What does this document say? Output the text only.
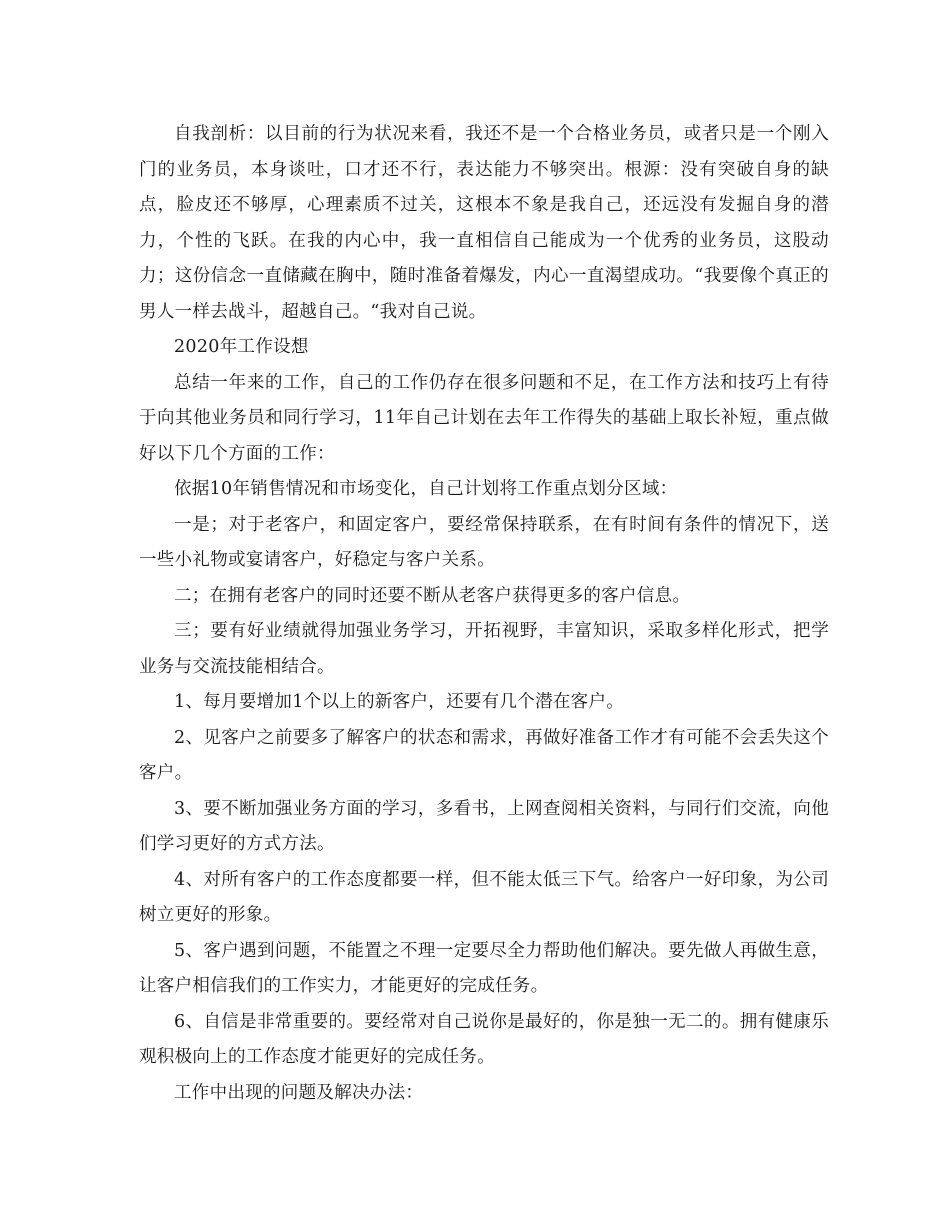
自我剖析：以目前的行为状况来看，我还不是一个合格业务员，或者只是一个刚入门的业务员，本身谈吐，口才还不行，表达能力不够突出。根源：没有突破自身的缺点，脸皮还不够厚，心理素质不过关，这根本不象是我自己，还远没有发掘自身的潜力，个性的飞跃。在我的内心中，我一直相信自己能成为一个优秀的业务员，这股动力；这份信念一直储藏在胸中，随时准备着爆发，内心一直渴望成功。“我要像个真正的男人一样去战斗，超越自己。“我对自己说。

2020年工作设想

总结一年来的工作，自己的工作仍存在很多问题和不足，在工作方法和技巧上有待于向其他业务员和同行学习，11年自己计划在去年工作得失的基础上取长补短，重点做好以下几个方面的工作：

依据10年销售情况和市场变化，自己计划将工作重点划分区域：

一是；对于老客户，和固定客户，要经常保持联系，在有时间有条件的情况下，送一些小礼物或宴请客户，好稳定与客户关系。

二；在拥有老客户的同时还要不断从老客户获得更多的客户信息。

三；要有好业绩就得加强业务学习，开拓视野，丰富知识，采取多样化形式，把学业务与交流技能相结合。

1、每月要增加1个以上的新客户，还要有几个潜在客户。

2、见客户之前要多了解客户的状态和需求，再做好准备工作才有可能不会丢失这个客户。

3、要不断加强业务方面的学习，多看书，上网查阅相关资料，与同行们交流，向他们学习更好的方式方法。

4、对所有客户的工作态度都要一样，但不能太低三下气。给客户一好印象，为公司树立更好的形象。

5、客户遇到问题，不能置之不理一定要尽全力帮助他们解决。要先做人再做生意，让客户相信我们的工作实力，才能更好的完成任务。

6、自信是非常重要的。要经常对自己说你是最好的，你是独一无二的。拥有健康乐观积极向上的工作态度才能更好的完成任务。

工作中出现的问题及解决办法：
